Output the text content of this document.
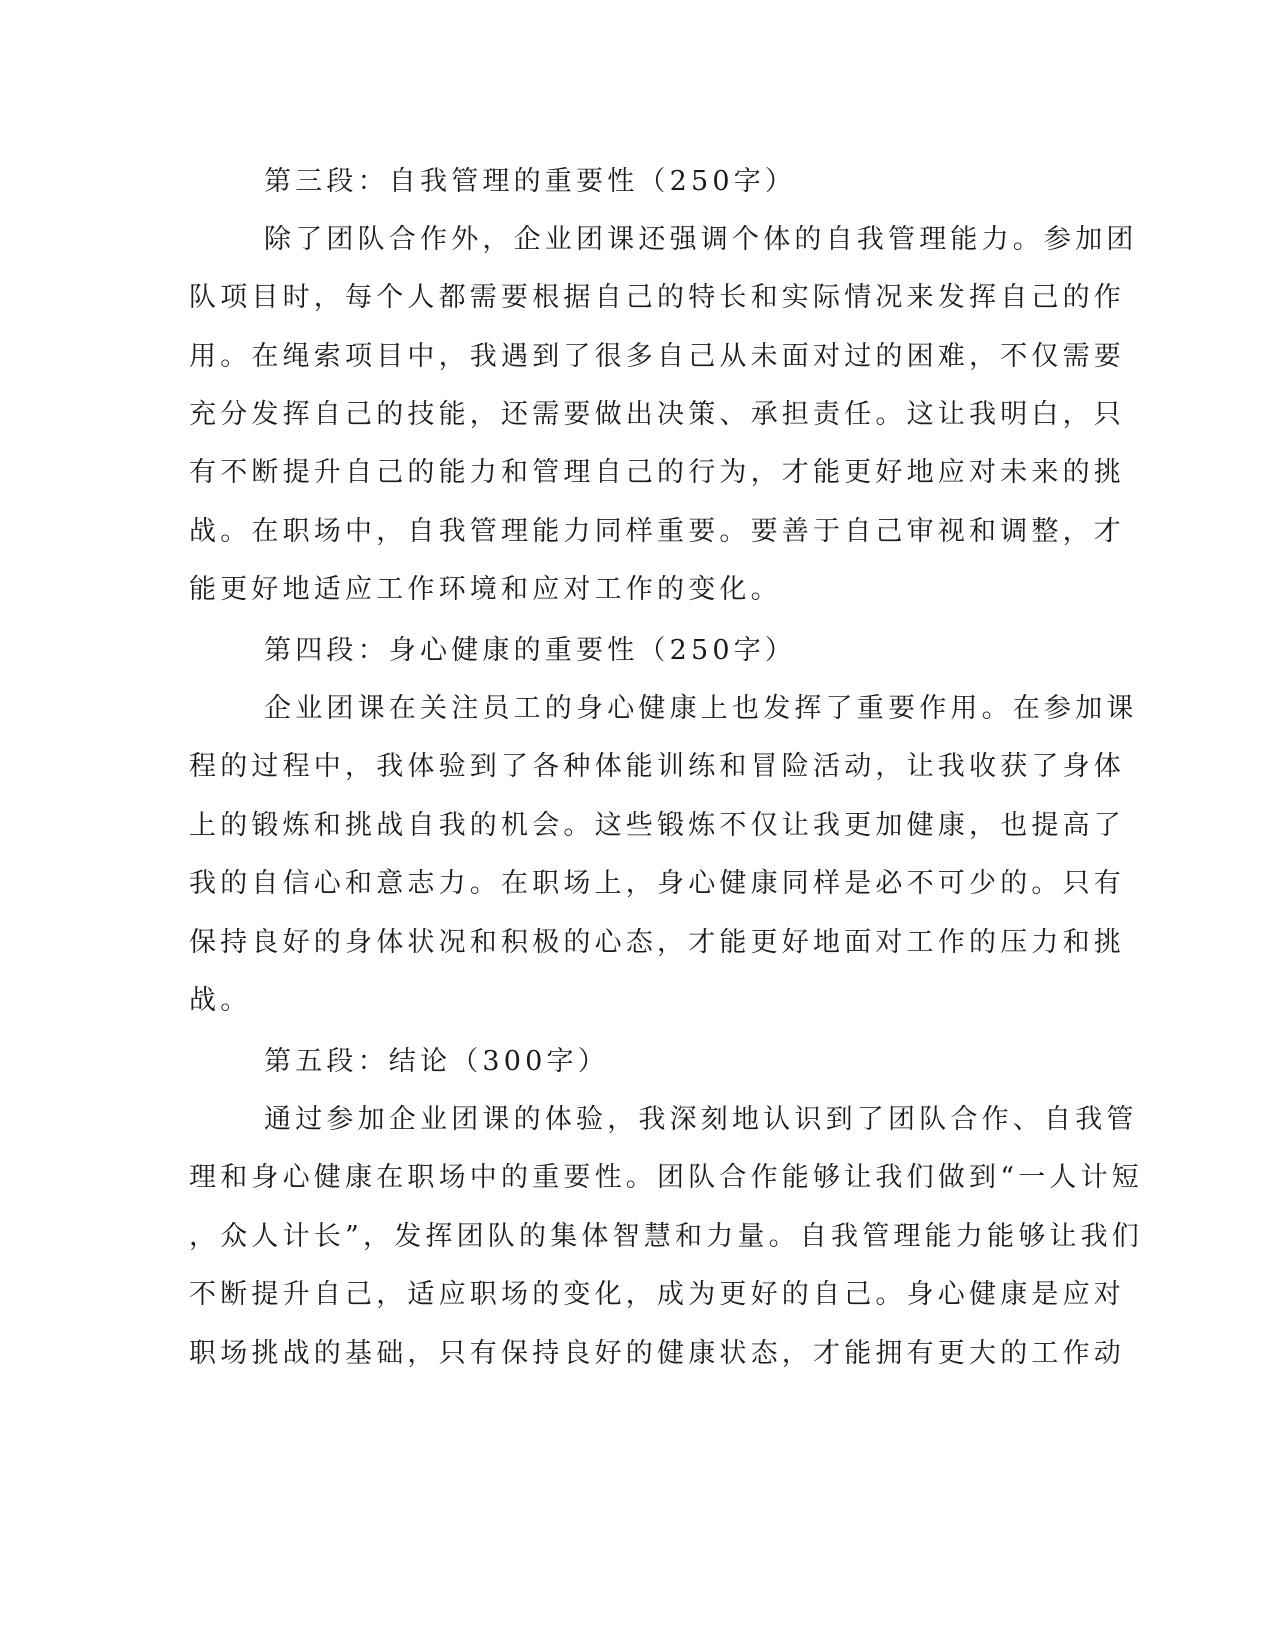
第三段：自我管理的重要性（250字）
除了团队合作外，企业团课还强调个体的自我管理能力。参加团
队项目时，每个人都需要根据自己的特长和实际情况来发挥自己的作
用。在绳索项目中，我遇到了很多自己从未面对过的困难，不仅需要
充分发挥自己的技能，还需要做出决策、承担责任。这让我明白，只
有不断提升自己的能力和管理自己的行为，才能更好地应对未来的挑
战。在职场中，自我管理能力同样重要。要善于自己审视和调整，才
能更好地适应工作环境和应对工作的变化。
第四段：身心健康的重要性（250字）
企业团课在关注员工的身心健康上也发挥了重要作用。在参加课
程的过程中，我体验到了各种体能训练和冒险活动，让我收获了身体
上的锻炼和挑战自我的机会。这些锻炼不仅让我更加健康，也提高了
我的自信心和意志力。在职场上，身心健康同样是必不可少的。只有
保持良好的身体状况和积极的心态，才能更好地面对工作的压力和挑
战。
第五段：结论（300字）
通过参加企业团课的体验，我深刻地认识到了团队合作、自我管
理和身心健康在职场中的重要性。团队合作能够让我们做到“一人计短
，众人计长”，发挥团队的集体智慧和力量。自我管理能力能够让我们
不断提升自己，适应职场的变化，成为更好的自己。身心健康是应对
职场挑战的基础，只有保持良好的健康状态，才能拥有更大的工作动
